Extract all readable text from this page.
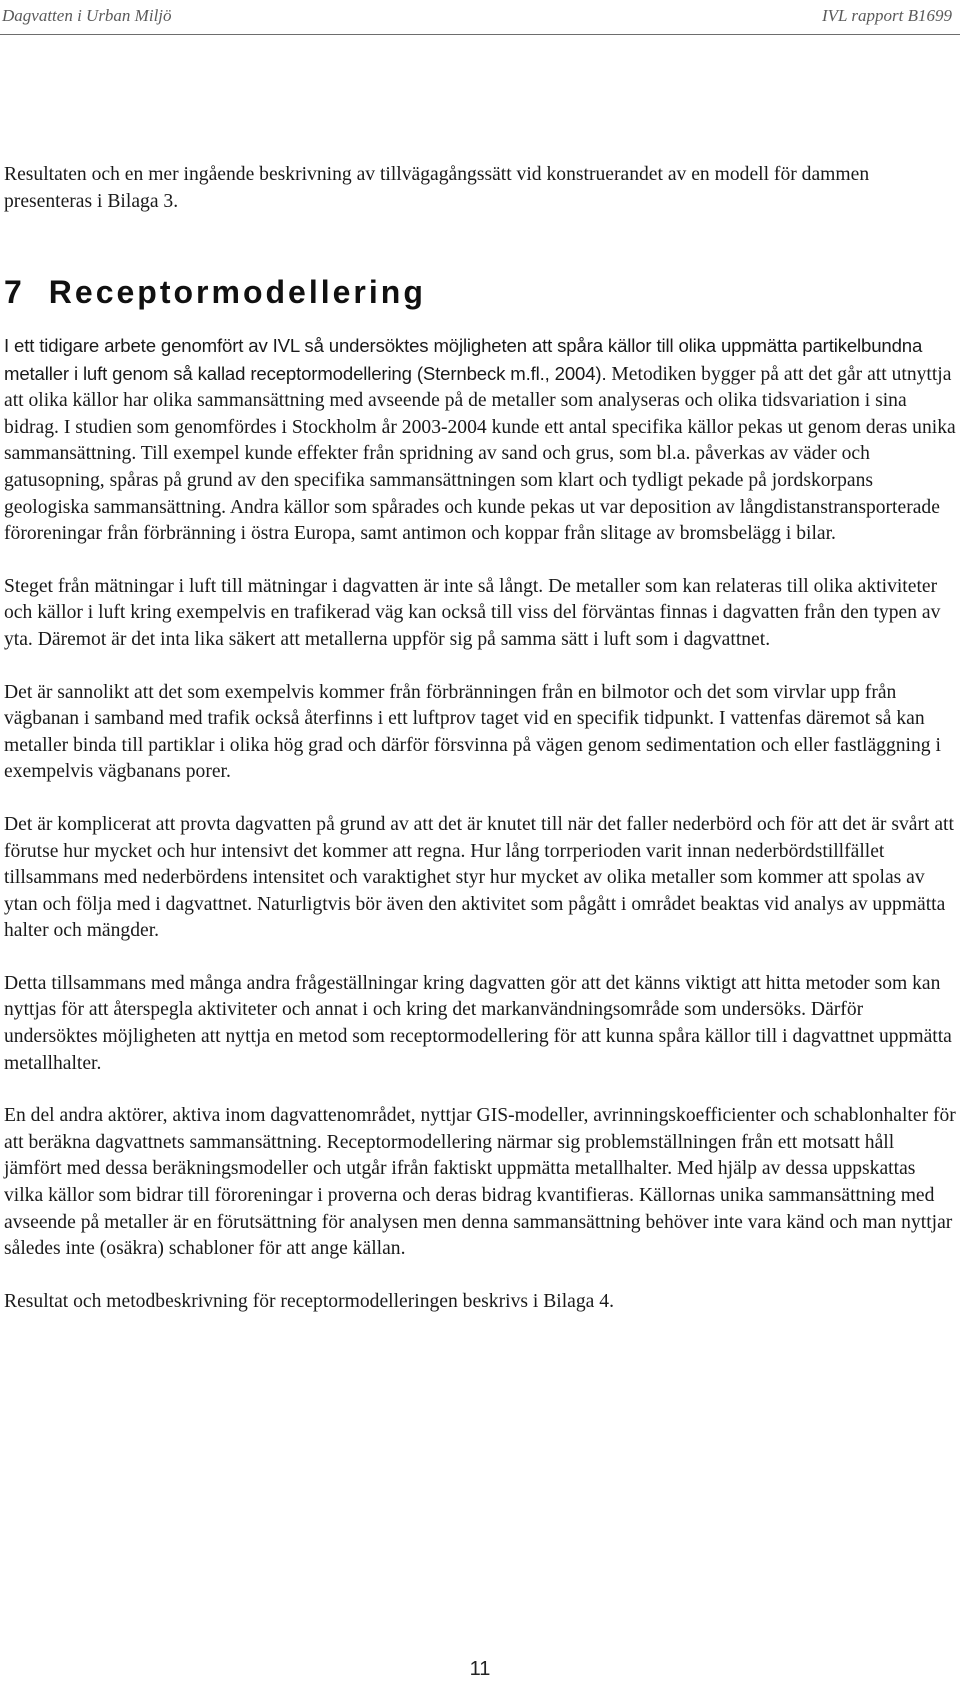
Dagvatten i Urban Miljö	IVL rapport B1699

Resultaten och en mer ingående beskrivning av tillvägagångssätt vid konstruerandet av en modell för dammen presenteras i Bilaga 3.

7 Receptormodellering

I ett tidigare arbete genomfört av IVL så undersöktes möjligheten att spåra källor till olika uppmätta partikelbundna metaller i luft genom så kallad receptormodellering (Sternbeck m.fl., 2004). Metodiken bygger på att det går att utnyttja att olika källor har olika sammansättning med avseende på de metaller som analyseras och olika tidsvariation i sina bidrag. I studien som genomfördes i Stockholm år 2003-2004 kunde ett antal specifika källor pekas ut genom deras unika sammansättning. Till exempel kunde effekter från spridning av sand och grus, som bl.a. påverkas av väder och gatusopning, spåras på grund av den specifika sammansättningen som klart och tydligt pekade på jordskorpans geologiska sammansättning. Andra källor som spårades och kunde pekas ut var deposition av långdistanstransporterade föroreningar från förbränning i östra Europa, samt antimon och koppar från slitage av bromsbelägg i bilar.

Steget från mätningar i luft till mätningar i dagvatten är inte så långt. De metaller som kan relateras till olika aktiviteter och källor i luft kring exempelvis en trafikerad väg kan också till viss del förväntas finnas i dagvatten från den typen av yta. Däremot är det inta lika säkert att metallerna uppför sig på samma sätt i luft som i dagvattnet.

Det är sannolikt att det som exempelvis kommer från förbränningen från en bilmotor och det som virvlar upp från vägbanan i samband med trafik också återfinns i ett luftprov taget vid en specifik tidpunkt. I vattenfas däremot så kan metaller binda till partiklar i olika hög grad och därför försvinna på vägen genom sedimentation och eller fastläggning i exempelvis vägbanans porer.

Det är komplicerat att provta dagvatten på grund av att det är knutet till när det faller nederbörd och för att det är svårt att förutse hur mycket och hur intensivt det kommer att regna. Hur lång torrperioden varit innan nederbördstillfället tillsammans med nederbördens intensitet och varaktighet styr hur mycket av olika metaller som kommer att spolas av ytan och följa med i dagvattnet. Naturligtvis bör även den aktivitet som pågått i området beaktas vid analys av uppmätta halter och mängder.

Detta tillsammans med många andra frågeställningar kring dagvatten gör att det känns viktigt att hitta metoder som kan nyttjas för att återspegla aktiviteter och annat i och kring det markanvändningsområde som undersöks. Därför undersöktes möjligheten att nyttja en metod som receptormodellering för att kunna spåra källor till i dagvattnet uppmätta metallhalter.

En del andra aktörer, aktiva inom dagvattenområdet, nyttjar GIS-modeller, avrinningskoefficienter och schablonhalter för att beräkna dagvattnets sammansättning. Receptormodellering närmar sig problemställningen från ett motsatt håll jämfört med dessa beräkningsmodeller och utgår ifrån faktiskt uppmätta metallhalter. Med hjälp av dessa uppskattas vilka källor som bidrar till föroreningar i proverna och deras bidrag kvantifieras. Källornas unika sammansättning med avseende på metaller är en förutsättning för analysen men denna sammansättning behöver inte vara känd och man nyttjar således inte (osäkra) schabloner för att ange källan.

Resultat och metodbeskrivning för receptormodelleringen beskrivs i Bilaga 4.

11
